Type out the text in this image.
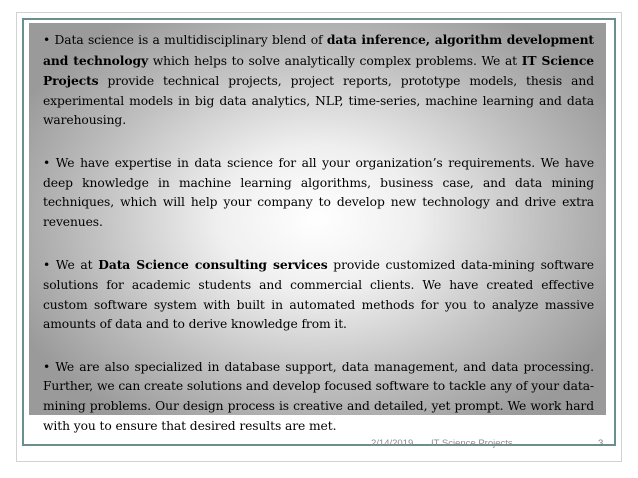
• Data science is a multidisciplinary blend of data inference, algorithm development and technology which helps to solve analytically complex problems. We at IT Science Projects provide technical projects, project reports, prototype models, thesis and experimental models in big data analytics, NLP, time-series, machine learning and data warehousing.

• We have expertise in data science for all your organization’s requirements. We have deep knowledge in machine learning algorithms, business case, and data mining techniques, which will help your company to develop new technology and drive extra revenues.

• We at Data Science consulting services provide customized data-mining software solutions for academic students and commercial clients. We have created effective custom software system with built in automated methods for you to analyze massive amounts of data and to derive knowledge from it.

• We are also specialized in database support, data management, and data processing. Further, we can create solutions and develop focused software to tackle any of your data-mining problems. Our design process is creative and detailed, yet prompt. We work hard with you to ensure that desired results are met.

2/14/2019 IT Science Projects	3
